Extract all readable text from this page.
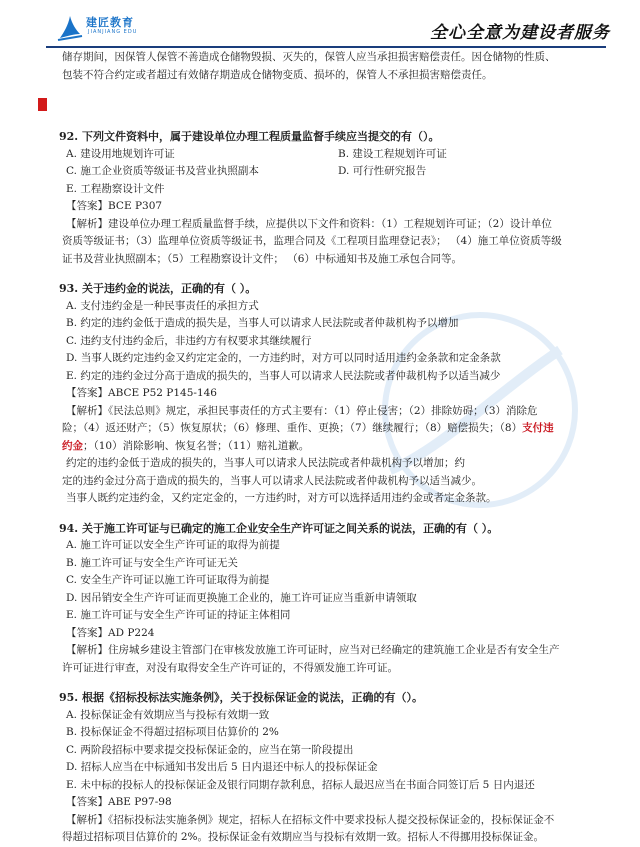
建匠教育
JIANJIANG EDU	全心全意为建设者服务
储存期间，因保管人保管不善造成仓储物毁损、灭失的，保管人应当承担损害赔偿责任。因仓储物的性质、
包装不符合约定或者超过有效储存期造成仓储物变质、损坏的，保管人不承担损害赔偿责任。
92. 下列文件资料中，属于建设单位办理工程质量监督手续应当提交的有（）。
A. 建设用地规划许可证	B. 建设工程规划许可证
C. 施工企业资质等级证书及营业执照副本	D. 可行性研究报告
E. 工程勘察设计文件
【答案】BCE P307
【解析】建设单位办理工程质量监督手续，应提供以下文件和资料：（1）工程规划许可证；（2）设计单位
资质等级证书；（3）监理单位资质等级证书，监理合同及《工程项目监理登记表》； （4）施工单位资质等级
证书及营业执照副本；（5）工程勘察设计文件； （6）中标通知书及施工承包合同等。
93. 关于违约金的说法，正确的有（ ）。
A. 支付违约金是一种民事责任的承担方式
B. 约定的违约金低于造成的损失是，当事人可以请求人民法院或者仲裁机构予以增加
C. 违约支付违约金后，非违约方有权要求其继续履行
D. 当事人既约定违约金又约定定金的，一方违约时，对方可以同时适用违约金条款和定金条款
E. 约定的违约金过分高于造成的损失的，当事人可以请求人民法院或者仲裁机构予以适当减少
【答案】ABCE P52 P145-146
【解析】《民法总则》规定，承担民事责任的方式主要有：（1）停止侵害；（2）排除妨碍；（3）消除危
险；（4）返还财产；（5）恢复原状；（6）修理、重作、更换；（7）继续履行；（8）赔偿损失；（8）支付违
约金；（10）消除影响、恢复名誉；（11）赔礼道歉。
约定的违约金低于造成的损失的，当事人可以请求人民法院或者仲裁机构予以增加；约
定的违约金过分高于造成的损失的，当事人可以请求人民法院或者仲裁机构予以适当减少。
当事人既约定违约金，又约定定金的，一方违约时，对方可以选择适用违约金或者定金条款。
94. 关于施工许可证与已确定的施工企业安全生产许可证之间关系的说法，正确的有（ ）。
A. 施工许可证以安全生产许可证的取得为前提
B. 施工许可证与安全生产许可证无关
C. 安全生产许可证以施工许可证取得为前提
D. 因吊销安全生产许可证而更换施工企业的，施工许可证应当重新申请领取
E. 施工许可证与安全生产许可证的持证主体相同
【答案】AD P224
【解析】住房城乡建设主管部门在审核发放施工许可证时，应当对已经确定的建筑施工企业是否有安全生产
许可证进行审查，对没有取得安全生产许可证的，不得颁发施工许可证。
95. 根据《招标投标法实施条例》，关于投标保证金的说法，正确的有（）。
A. 投标保证金有效期应当与投标有效期一致
B. 投标保证金不得超过招标项目估算价的 2%
C. 两阶段招标中要求提交投标保证金的，应当在第一阶段提出
D. 招标人应当在中标通知书发出后 5 日内退还中标人的投标保证金
E. 未中标的投标人的投标保证金及银行同期存款利息，招标人最迟应当在书面合同签订后 5 日内退还
【答案】ABE P97-98
【解析】《招标投标法实施条例》规定，招标人在招标文件中要求投标人提交投标保证金的，投标保证金不
得超过招标项目估算价的 2%。投标保证金有效期应当与投标有效期一致。招标人不得挪用投标保证金。
